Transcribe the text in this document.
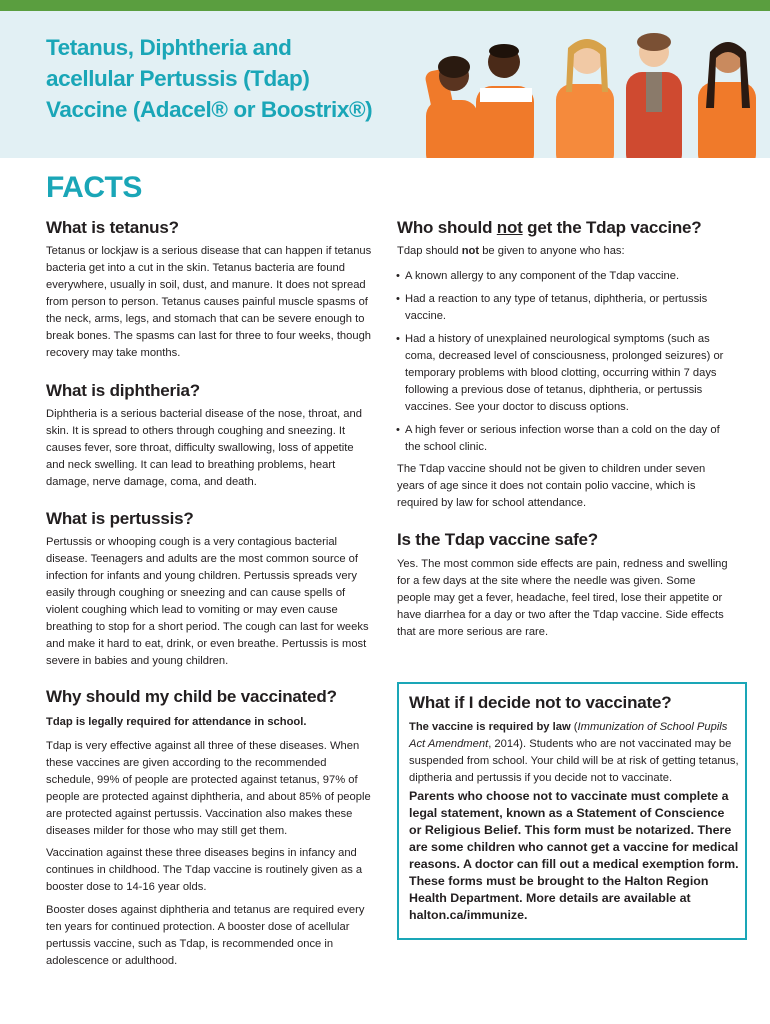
Tetanus, Diphtheria and
acellular Pertussis (Tdap)
Vaccine (Adacel® or Boostrix®)
FACTS
What is tetanus?

Tetanus or lockjaw is a serious disease that can happen if tetanus bacteria get into a cut in the skin. Tetanus bacteria are found everywhere, usually in soil, dust, and manure. It does not spread from person to person. Tetanus causes painful muscle spasms of the neck, arms, legs, and stomach that can be severe enough to break bones. The spasms can last for three to four weeks, though recovery may take months.

What is diphtheria?

Diphtheria is a serious bacterial disease of the nose, throat, and skin. It is spread to others through coughing and sneezing. It causes fever, sore throat, difficulty swallowing, loss of appetite and neck swelling. It can lead to breathing problems, heart damage, nerve damage, coma, and death.

What is pertussis?

Pertussis or whooping cough is a very contagious bacterial disease. Teenagers and adults are the most common source of infection for infants and young children. Pertussis spreads very easily through coughing or sneezing and can cause spells of violent coughing which lead to vomiting or may even cause breathing to stop for a short period. The cough can last for weeks and make it hard to eat, drink, or even breathe. Pertussis is most severe in babies and young children.

Why should my child be vaccinated?

Tdap is legally required for attendance in school.

Tdap is very effective against all three of these diseases. When these vaccines are given according to the recommended schedule, 99% of people are protected against tetanus, 97% of people are protected against diphtheria, and about 85% of people are protected against pertussis. Vaccination also makes these diseases milder for those who may still get them.

Vaccination against these three diseases begins in infancy and continues in childhood. The Tdap vaccine is routinely given as a booster dose to 14-16 year olds.

Booster doses against diphtheria and tetanus are required every ten years for continued protection. A booster dose of acellular pertussis vaccine, such as Tdap, is recommended once in adolescence or adulthood.

Who should not get the Tdap vaccine?

Tdap should not be given to anyone who has:

• A known allergy to any component of the Tdap vaccine.
• Had a reaction to any type of tetanus, diphtheria, or pertussis vaccine.
• Had a history of unexplained neurological symptoms (such as coma, decreased level of consciousness, prolonged seizures) or temporary problems with blood clotting, occurring within 7 days following a previous dose of tetanus, diphtheria, or pertussis vaccines. See your doctor to discuss options.
• A high fever or serious infection worse than a cold on the day of the school clinic.

The Tdap vaccine should not be given to children under seven years of age since it does not contain polio vaccine, which is required by law for school attendance.

Is the Tdap vaccine safe?

Yes. The most common side effects are pain, redness and swelling for a few days at the site where the needle was given. Some people may get a fever, headache, feel tired, lose their appetite or have diarrhea for a day or two after the Tdap vaccine. Side effects that are more serious are rare.

What if I decide not to vaccinate?

The vaccine is required by law (Immunization of School Pupils Act Amendment, 2014). Students who are not vaccinated may be suspended from school. Your child will be at risk of getting tetanus, diptheria and pertussis if you decide not to vaccinate.

Parents who choose not to vaccinate must complete a legal statement, known as a Statement of Conscience or Religious Belief. This form must be notarized. There are some children who cannot get a vaccine for medical reasons. A doctor can fill out a medical exemption form. These forms must be brought to the Halton Region Health Department. More details are available at halton.ca/immunize.
